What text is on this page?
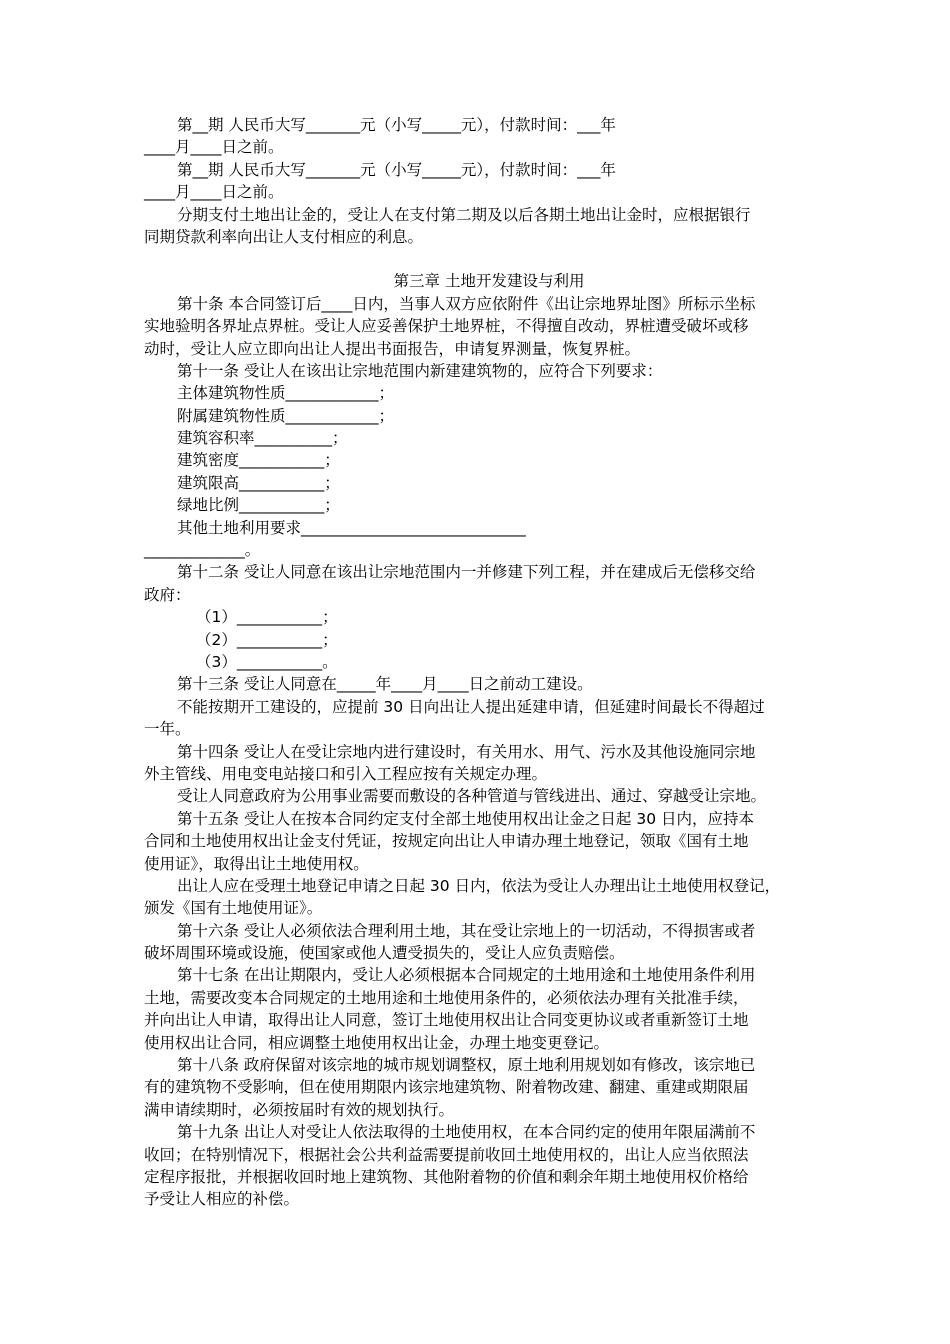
第__期 人民币大写_______元（小写_____元），付款时间：___年
____月____日之前。
第__期 人民币大写_______元（小写_____元），付款时间：___年
____月____日之前。
分期支付土地出让金的，受让人在支付第二期及以后各期土地出让金时，应根据银行
同期贷款利率向出让人支付相应的利息。
第三章 土地开发建设与利用
第十条 本合同签订后____日内，当事人双方应依附件《出让宗地界址图》所标示坐标
实地验明各界址点界桩。受让人应妥善保护土地界桩，不得擅自改动，界桩遭受破坏或移
动时，受让人应立即向出让人提出书面报告，申请复界测量，恢复界桩。
第十一条 受让人在该出让宗地范围内新建建筑物的，应符合下列要求：
主体建筑物性质____________；
附属建筑物性质____________；
建筑容积率__________；
建筑密度___________；
建筑限高___________；
绿地比例___________；
其他土地利用要求_____________________________
_____________。
第十二条 受让人同意在该出让宗地范围内一并修建下列工程，并在建成后无偿移交给
政府：
（1）___________；
（2）___________；
（3）___________。
第十三条 受让人同意在_____年____月____日之前动工建设。
不能按期开工建设的，应提前 30 日向出让人提出延建申请，但延建时间最长不得超过
一年。
第十四条 受让人在受让宗地内进行建设时，有关用水、用气、污水及其他设施同宗地
外主管线、用电变电站接口和引入工程应按有关规定办理。
受让人同意政府为公用事业需要而敷设的各种管道与管线进出、通过、穿越受让宗地。
第十五条 受让人在按本合同约定支付全部土地使用权出让金之日起 30 日内，应持本
合同和土地使用权出让金支付凭证，按规定向出让人申请办理土地登记，领取《国有土地
使用证》，取得出让土地使用权。
出让人应在受理土地登记申请之日起 30 日内，依法为受让人办理出让土地使用权登记，
颁发《国有土地使用证》。
第十六条 受让人必须依法合理利用土地，其在受让宗地上的一切活动，不得损害或者
破坏周围环境或设施，使国家或他人遭受损失的，受让人应负责赔偿。
第十七条 在出让期限内，受让人必须根据本合同规定的土地用途和土地使用条件利用
土地，需要改变本合同规定的土地用途和土地使用条件的，必须依法办理有关批准手续，
并向出让人申请，取得出让人同意，签订土地使用权出让合同变更协议或者重新签订土地
使用权出让合同，相应调整土地使用权出让金，办理土地变更登记。
第十八条 政府保留对该宗地的城市规划调整权，原土地利用规划如有修改，该宗地已
有的建筑物不受影响，但在使用期限内该宗地建筑物、附着物改建、翻建、重建或期限届
满申请续期时，必须按届时有效的规划执行。
第十九条 出让人对受让人依法取得的土地使用权，在本合同约定的使用年限届满前不
收回；在特别情况下，根据社会公共利益需要提前收回土地使用权的，出让人应当依照法
定程序报批，并根据收回时地上建筑物、其他附着物的价值和剩余年期土地使用权价格给
予受让人相应的补偿。
